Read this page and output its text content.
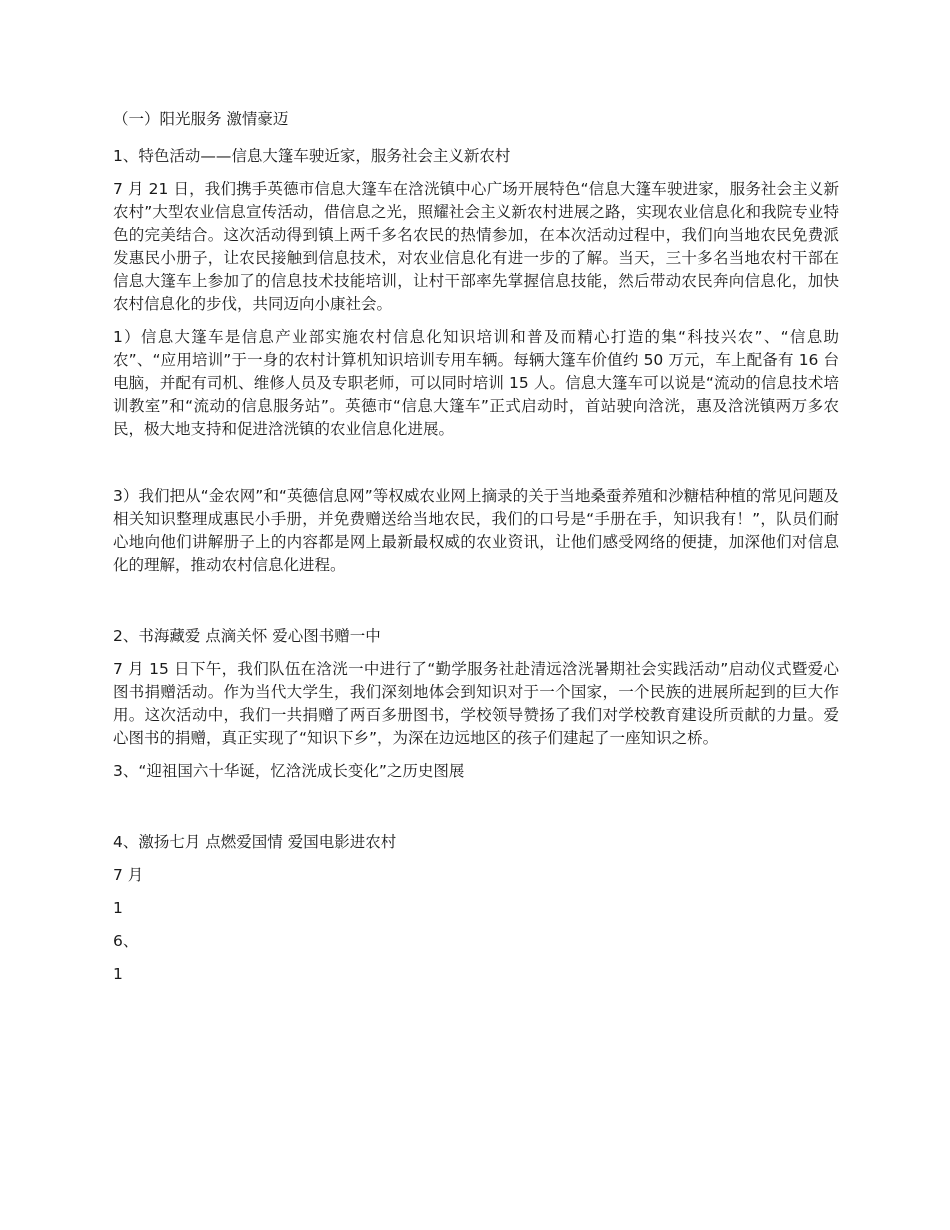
（一）阳光服务 激情豪迈

1、特色活动——信息大篷车驶近家，服务社会主义新农村

7 月 21 日，我们携手英德市信息大篷车在浛洸镇中心广场开展特色“信息大篷车驶进家，服务社会主义新农村”大型农业信息宣传活动，借信息之光，照耀社会主义新农村进展之路，实现农业信息化和我院专业特色的完美结合。这次活动得到镇上两千多名农民的热情参加，在本次活动过程中，我们向当地农民免费派发惠民小册子，让农民接触到信息技术，对农业信息化有进一步的了解。当天，三十多名当地农村干部在信息大篷车上参加了的信息技术技能培训，让村干部率先掌握信息技能，然后带动农民奔向信息化，加快农村信息化的步伐，共同迈向小康社会。

1）信息大篷车是信息产业部实施农村信息化知识培训和普及而精心打造的集“科技兴农”、“信息助农”、“应用培训”于一身的农村计算机知识培训专用车辆。每辆大篷车价值约 50 万元，车上配备有 16 台电脑，并配有司机、维修人员及专职老师，可以同时培训 15 人。信息大篷车可以说是“流动的信息技术培训教室”和“流动的信息服务站”。英德市“信息大篷车”正式启动时，首站驶向浛洸，惠及浛洸镇两万多农民，极大地支持和促进浛洸镇的农业信息化进展。

3）我们把从“金农网”和“英德信息网”等权威农业网上摘录的关于当地桑蚕养殖和沙糖桔种植的常见问题及相关知识整理成惠民小手册，并免费赠送给当地农民，我们的口号是“手册在手，知识我有！”，队员们耐心地向他们讲解册子上的内容都是网上最新最权威的农业资讯，让他们感受网络的便捷，加深他们对信息化的理解，推动农村信息化进程。

2、书海藏爱 点滴关怀 爱心图书赠一中

7 月 15 日下午，我们队伍在浛洸一中进行了“勤学服务社赴清远浛洸暑期社会实践活动”启动仪式暨爱心图书捐赠活动。作为当代大学生，我们深刻地体会到知识对于一个国家，一个民族的进展所起到的巨大作用。这次活动中，我们一共捐赠了两百多册图书，学校领导赞扬了我们对学校教育建设所贡献的力量。爱心图书的捐赠，真正实现了“知识下乡”，为深在边远地区的孩子们建起了一座知识之桥。

3、“迎祖国六十华诞，忆浛洸成长变化”之历史图展

4、激扬七月 点燃爱国情 爱国电影进农村

7 月

1

6、

1
